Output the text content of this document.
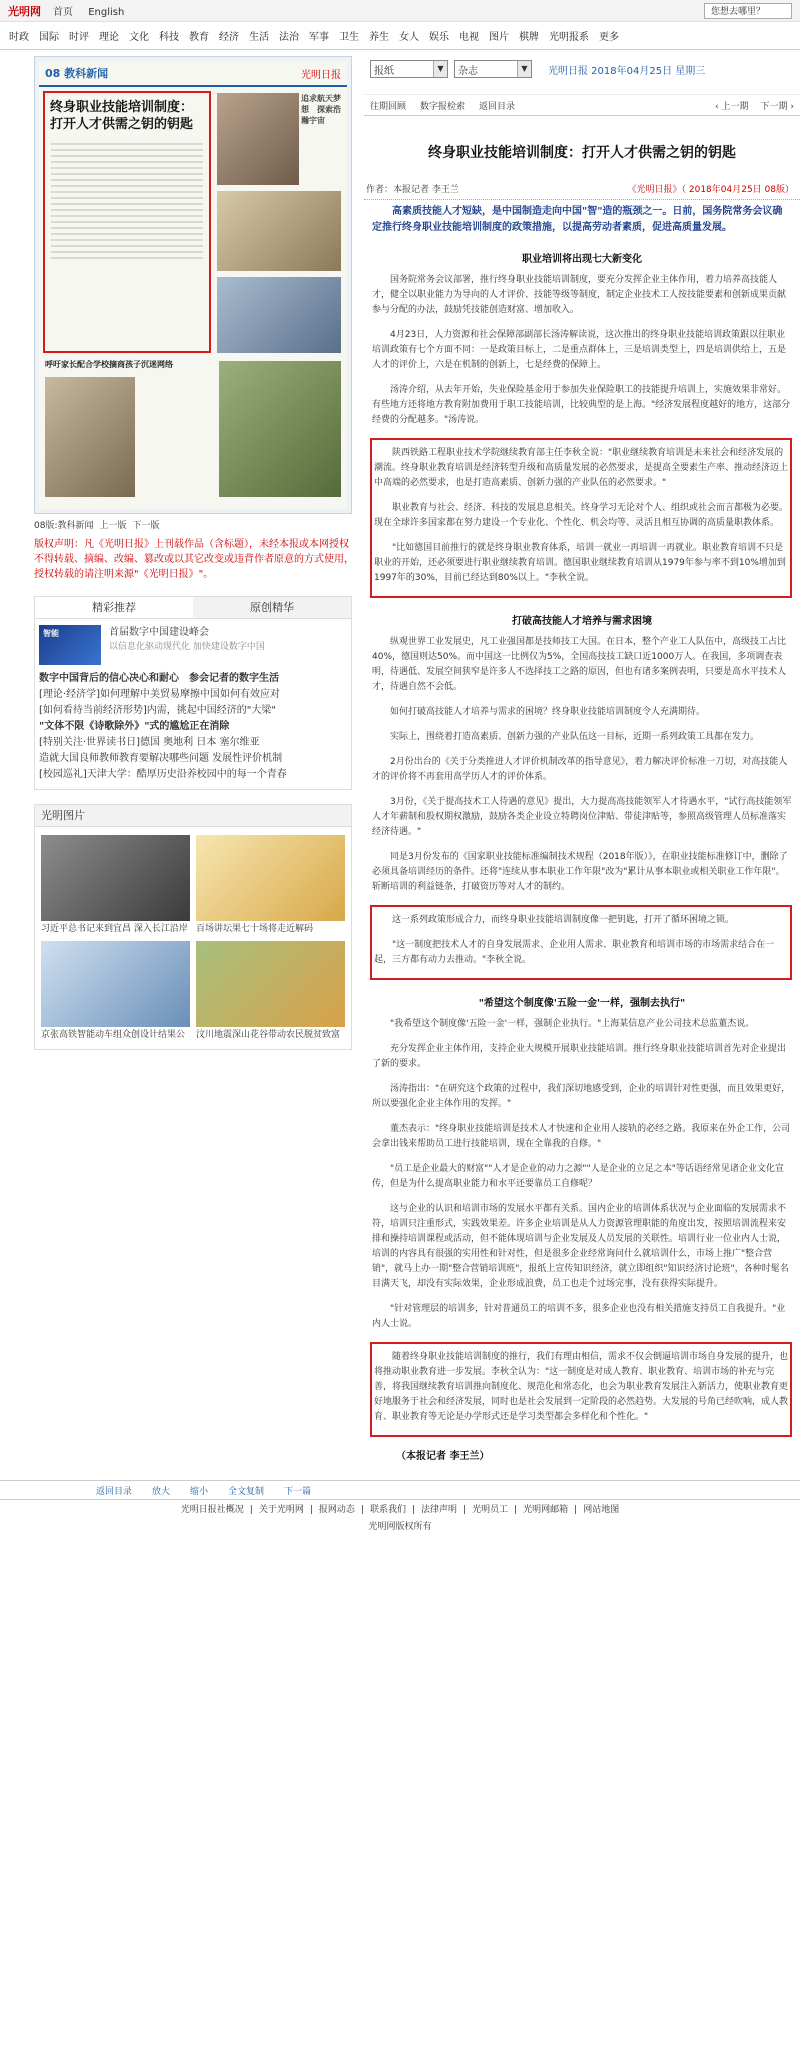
光明网	首页 English	您想去哪里？
时政 国际 时评 理论 文化 科技 教育 经济 生活 法治 军事 卫生 养生 女人 娱乐 电视 图片 棋牌 光明报系 更多
08 教科新闻	光明日报
终身职业技能培训制度：打开人才供需之钥的钥匙
追求航天梦想　探索浩瀚宇宙
呼吁家长配合学校摘商孩子沉迷网络
08版:教科新闻 上一版 下一版
版权声明：凡《光明日报》上刊载作品（含标题），未经本报或本网授权不得转载、摘编、改编、篡改或以其它改变或违背作者原意的方式使用，授权转载的请注明来源"《光明日报》"。
精彩推荐	原创精华
智能	首届数字中国建设峰会
以信息化驱动现代化 加快建设数字中国
数字中国背后的信心决心和耐心　参会记者的数字生活
[理论·经济学]如何理解中美贸易摩擦中国如何有效应对
[如何看待当前经济形势]内需，挑起中国经济的"大梁"
"文体不限《诗歌除外》"式的尴尬正在消除
[特别关注·世界读书日]德国 奥地利 日本 塞尔维亚
造就大国良师教师教育要解决哪些问题 发展性评价机制
[校园巡礼]天津大学：酷厚历史沿养校园中的每一个青春
光明图片
习近平总书记来到宜昌 深入长江沿岸 百场讲坛果七十场将走近解码
京张高铁智能动车组众创设计结果公	汶川地震深山花谷带动农民脱贫致富
报纸	▼	杂志	▼	光明日报 2018年04月25日 星期三
往期回顾 数字报检索 返回目录	‹ 上一期 下一期 ›
终身职业技能培训制度：打开人才供需之钥的钥匙
作者：本报记者 李王兰	《光明日报》（ 2018年04月25日 08版）
高素质技能人才短缺，是中国制造走向中国"智"造的瓶颈之一。日前，国务院常务会议确定推行终身职业技能培训制度的政策措施，以提高劳动者素质，促进高质量发展。
职业培训将出现七大新变化

国务院常务会议部署，推行终身职业技能培训制度，要充分发挥企业主体作用，着力培养高技能人才，健全以职业能力为导向的人才评价、技能等级等制度，制定企业技术工人按技能要素和创新成果贡献参与分配的办法，鼓励凭技能创造财富、增加收入。

4月23日，人力资源和社会保障部副部长汤涛解读说，这次推出的终身职业技能培训政策跟以往职业培训政策有七个方面不同：一是政策目标上，二是重点群体上，三是培训类型上，四是培训供给上，五是人才的评价上，六是在机制的创新上，七是经费的保障上。

汤涛介绍，从去年开始，失业保险基金用于参加失业保险职工的技能提升培训上，实施效果非常好。有些地方还将地方教育附加费用于职工技能培训，比较典型的是上海。"经济发展程度越好的地方，这部分经费的分配越多。"汤涛说。

陕西铁路工程职业技术学院继续教育部主任李秋全说："职业继续教育培训是未来社会和经济发展的潮流。终身职业教育培训是经济转型升级和高质量发展的必然要求，是提高全要素生产率、推动经济迈上中高端的必然要求，也是打造高素质、创新力强的产业队伍的必然要求。"

职业教育与社会、经济、科技的发展息息相关。终身学习无论对个人、组织或社会而言都极为必要。现在全球许多国家都在努力建设一个专业化、个性化、机会均等、灵活且相互协调的高质量职教体系。

"比如德国目前推行的就是终身职业教育体系，培训一就业一再培训一再就业。职业教育培训不只是职业的开始，还必须要进行职业继续教育培训。德国职业继续教育培训从1979年参与率不到10%增加到1997年的30%，目前已经达到80%以上。"李秋全说。

打破高技能人才培养与需求困境

纵观世界工业发展史，凡工业强国都是技师技工大国。在日本，整个产业工人队伍中，高级技工占比40%，德国则达50%。而中国这一比例仅为5%，全国高技技工缺口近1000万人。在我国，多项调查表明，待遇低、发展空间狭窄是许多人不选择技工之路的原因，但也有诸多案例表明，只要是高水平技术人才，待遇自然不会低。

如何打破高技能人才培养与需求的困境？终身职业技能培训制度令人充满期待。

实际上，围绕着打造高素质、创新力强的产业队伍这一目标，近期一系列政策工具都在发力。

2月份出台的《关于分类推进人才评价机制改革的指导意见》，着力解决评价标准一刀切，对高技能人才的评价将不再套用高学历人才的评价体系。

3月份，《关于提高技术工人待遇的意见》提出，大力提高高技能领军人才待遇水平，"试行高技能领军人才年薪制和股权期权激励，鼓励各类企业设立特聘岗位津贴、带徒津贴等，参照高级管理人员标准落实经济待遇。"

同是3月份发布的《国家职业技能标准编制技术规程（2018年版）》，在职业技能标准修订中，删除了必须具备培训经历的条件。还将"连续从事本职业工作年限"改为"累计从事本职业或相关职业工作年限"。斩断培训的利益链条，打破资历等对人才的制约。

这一系列政策形成合力，而终身职业技能培训制度像一把钥匙，打开了循环困境之锁。

"这一制度把技术人才的自身发展需求、企业用人需求、职业教育和培训市场的市场需求结合在一起，三方都有动力去推动。"李秋全说。

"希望这个制度像'五险一金'一样，强制去执行"

"我希望这个制度像'五险一金'一样，强制企业执行。"上海某信息产业公司技术总监董杰说。

充分发挥企业主体作用，支持企业大规模开展职业技能培训。推行终身职业技能培训首先对企业提出了新的要求。

汤涛指出："在研究这个政策的过程中，我们深切地感受到，企业的培训针对性更强，而且效果更好，所以要强化企业主体作用的发挥。"

董杰表示："终身职业技能培训是技术人才快速和企业用人接轨的必经之路。我原来在外企工作，公司会拿出钱来帮助员工进行技能培训，现在全靠我的自修。"

"员工是企业最大的财富""人才是企业的动力之源""人是企业的立足之本"等话语经常见诸企业文化宣传，但是为什么提高职业能力和水平还要靠员工自修呢？

这与企业的认识和培训市场的发展水平都有关系。国内企业的培训体系状况与企业面临的发展需求不符，培训只注重形式，实践效果差。许多企业培训是从人力资源管理职能的角度出发，按照培训流程来安排和操持培训课程或活动，但不能体现培训与企业发展及人员发展的关联性。培训行业一位业内人士说，培训的内容具有很强的实用性和针对性，但是很多企业经常询问什么就培训什么，市场上推广"整合营销"，就马上办一期"整合营销培训班"，报纸上宣传知识经济，就立即组织"知识经济讨论班"，各种时髦名目满天飞，却没有实际效果，企业形成浪费，员工也走个过场完事，没有获得实际提升。

"针对管理层的培训多，针对普通员工的培训不多，很多企业也没有相关措施支持员工自我提升。"业内人士说。

随着终身职业技能培训制度的推行，我们有理由相信，需求不仅会倒逼培训市场自身发展的提升，也将推动职业教育进一步发展。李秋全认为："这一制度是对成人教育、职业教育、培训市场的补充与完善，将我国继续教育培训推向制度化、规范化和常态化，也会为职业教育发展注入新活力，使职业教育更好地服务于社会和经济发展，同时也是社会发展到一定阶段的必然趋势。大发展的号角已经吹响，成人教育、职业教育等无论是办学形式还是学习类型都会多样化和个性化。"

（本报记者 李王兰）
返回目录 放大 缩小 全文复制 下一篇
光明日报社概况 | 关于光明网 | 报网动态 | 联系我们 | 法律声明 | 光明员工 | 光明网邮箱 | 网站地图
光明网版权所有
